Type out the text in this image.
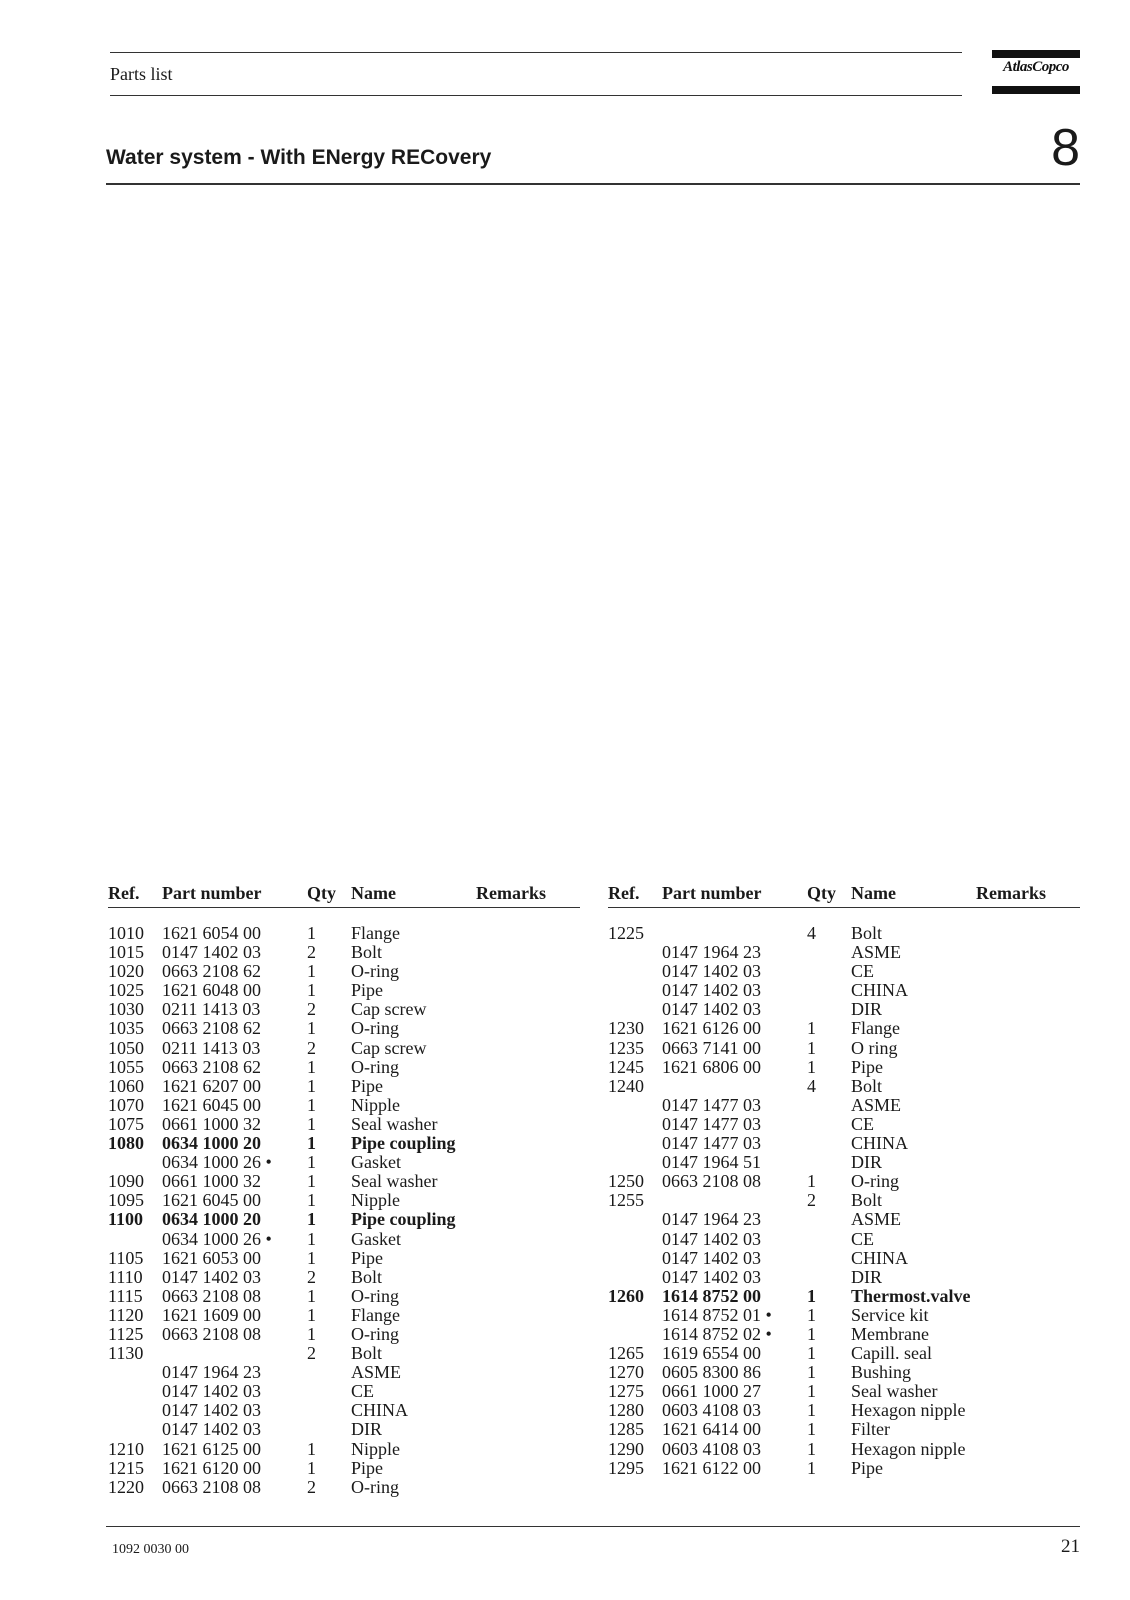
Parts list	AtlasCopco
Water system - With ENergy RECovery	8
Ref.	Part number	Qty	Name	Remarks

1010	1621 6054 00	1	Flange	
1015	0147 1402 03	2	Bolt	
1020	0663 2108 62	1	O-ring	
1025	1621 6048 00	1	Pipe	
1030	0211 1413 03	2	Cap screw	
1035	0663 2108 62	1	O-ring	
1050	0211 1413 03	2	Cap screw	
1055	0663 2108 62	1	O-ring	
1060	1621 6207 00	1	Pipe	
1070	1621 6045 00	1	Nipple	
1075	0661 1000 32	1	Seal washer	
1080	0634 1000 20	1	Pipe coupling	
	0634 1000 26 •	1	Gasket	
1090	0661 1000 32	1	Seal washer	
1095	1621 6045 00	1	Nipple	
1100	0634 1000 20	1	Pipe coupling	
	0634 1000 26 •	1	Gasket	
1105	1621 6053 00	1	Pipe	
1110	0147 1402 03	2	Bolt	
1115	0663 2108 08	1	O-ring	
1120	1621 1609 00	1	Flange	
1125	0663 2108 08	1	O-ring	
1130		2	Bolt	
	0147 1964 23		ASME	
	0147 1402 03		CE	
	0147 1402 03		CHINA	
	0147 1402 03		DIR	
1210	1621 6125 00	1	Nipple	
1215	1621 6120 00	1	Pipe	
1220	0663 2108 08	2	O-ring	
Ref.	Part number	Qty	Name	Remarks

1225		4	Bolt	
	0147 1964 23		ASME	
	0147 1402 03		CE	
	0147 1402 03		CHINA	
	0147 1402 03		DIR	
1230	1621 6126 00	1	Flange	
1235	0663 7141 00	1	O ring	
1245	1621 6806 00	1	Pipe	
1240		4	Bolt	
	0147 1477 03		ASME	
	0147 1477 03		CE	
	0147 1477 03		CHINA	
	0147 1964 51		DIR	
1250	0663 2108 08	1	O-ring	
1255		2	Bolt	
	0147 1964 23		ASME	
	0147 1402 03		CE	
	0147 1402 03		CHINA	
	0147 1402 03		DIR	
1260	1614 8752 00	1	Thermost.valve	
	1614 8752 01 •	1	Service kit	
	1614 8752 02 •	1	Membrane	
1265	1619 6554 00	1	Capill. seal	
1270	0605 8300 86	1	Bushing	
1275	0661 1000 27	1	Seal washer	
1280	0603 4108 03	1	Hexagon nipple	
1285	1621 6414 00	1	Filter	
1290	0603 4108 03	1	Hexagon nipple	
1295	1621 6122 00	1	Pipe	
1092 0030 00	21
